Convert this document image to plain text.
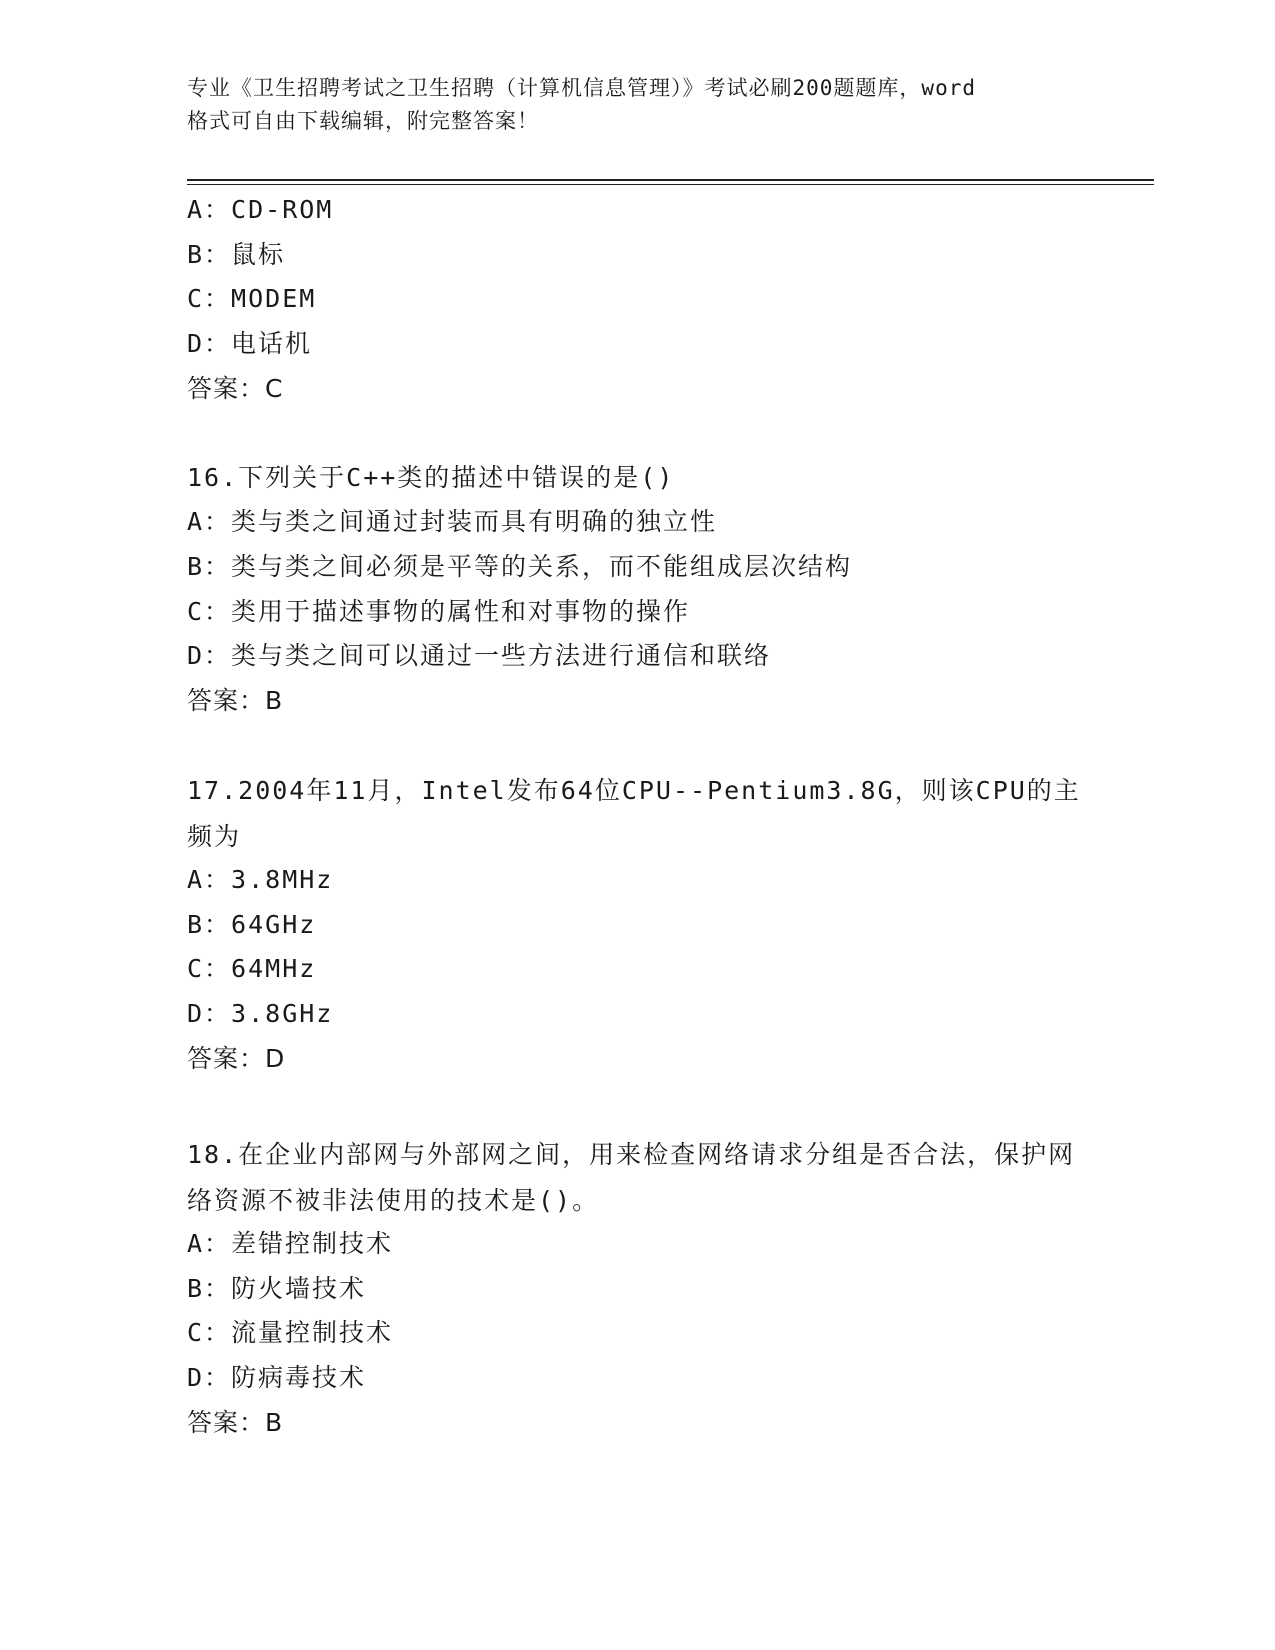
专业《卫生招聘考试之卫生招聘（计算机信息管理）》考试必刷200题题库，word
格式可自由下载编辑，附完整答案！
A：CD-ROM
B：鼠标
C：MODEM
D：电话机
答案：C
16.下列关于C++类的描述中错误的是()
A：类与类之间通过封装而具有明确的独立性
B：类与类之间必须是平等的关系，而不能组成层次结构
C：类用于描述事物的属性和对事物的操作
D：类与类之间可以通过一些方法进行通信和联络
答案：B
17.2004年11月，Intel发布64位CPU--Pentium3.8G，则该CPU的主频为
A：3.8MHz
B：64GHz
C：64MHz
D：3.8GHz
答案：D
18.在企业内部网与外部网之间，用来检查网络请求分组是否合法，保护网络资源不被非法使用的技术是()。
A：差错控制技术
B：防火墙技术
C：流量控制技术
D：防病毒技术
答案：B
